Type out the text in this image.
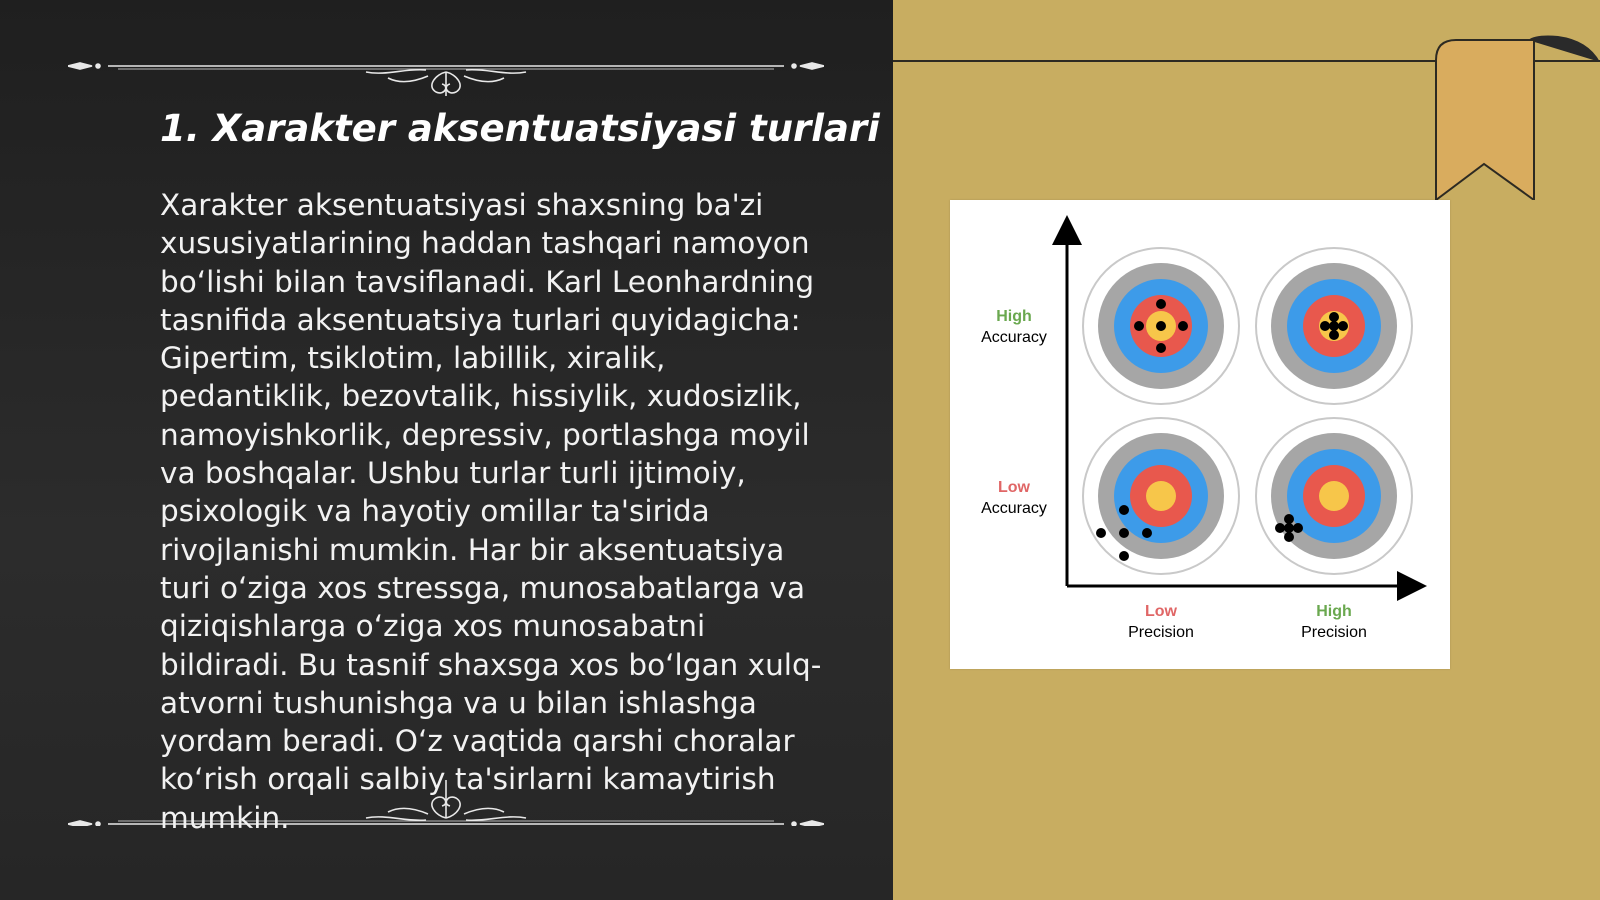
1. Xarakter aksentuatsiyasi turlari

Xarakter aksentuatsiyasi shaxsning ba'zi xususiyatlarining haddan tashqari namoyon bo‘lishi bilan tavsiflanadi. Karl Leonhardning tasnifida aksentuatsiya turlari quyidagicha: Gipertim, tsiklotim, labillik, xiralik, pedantiklik, bezovtalik, hissiylik, xudosizlik, namoyishkorlik, depressiv, portlashga moyil va boshqalar. Ushbu turlar turli ijtimoiy, psixologik va hayotiy omillar ta'sirida rivojlanishi mumkin. Har bir aksentuatsiya turi o‘ziga xos stressga, munosabatlarga va qiziqishlarga o‘ziga xos munosabatni bildiradi. Bu tasnif shaxsga xos bo‘lgan xulq-atvorni tushunishga va u bilan ishlashga yordam beradi. O‘z vaqtida qarshi choralar ko‘rish orqali salbiy ta'sirlarni kamaytirish mumkin.

High
Accuracy
Low
Accuracy
Low
Precision
High
Precision
